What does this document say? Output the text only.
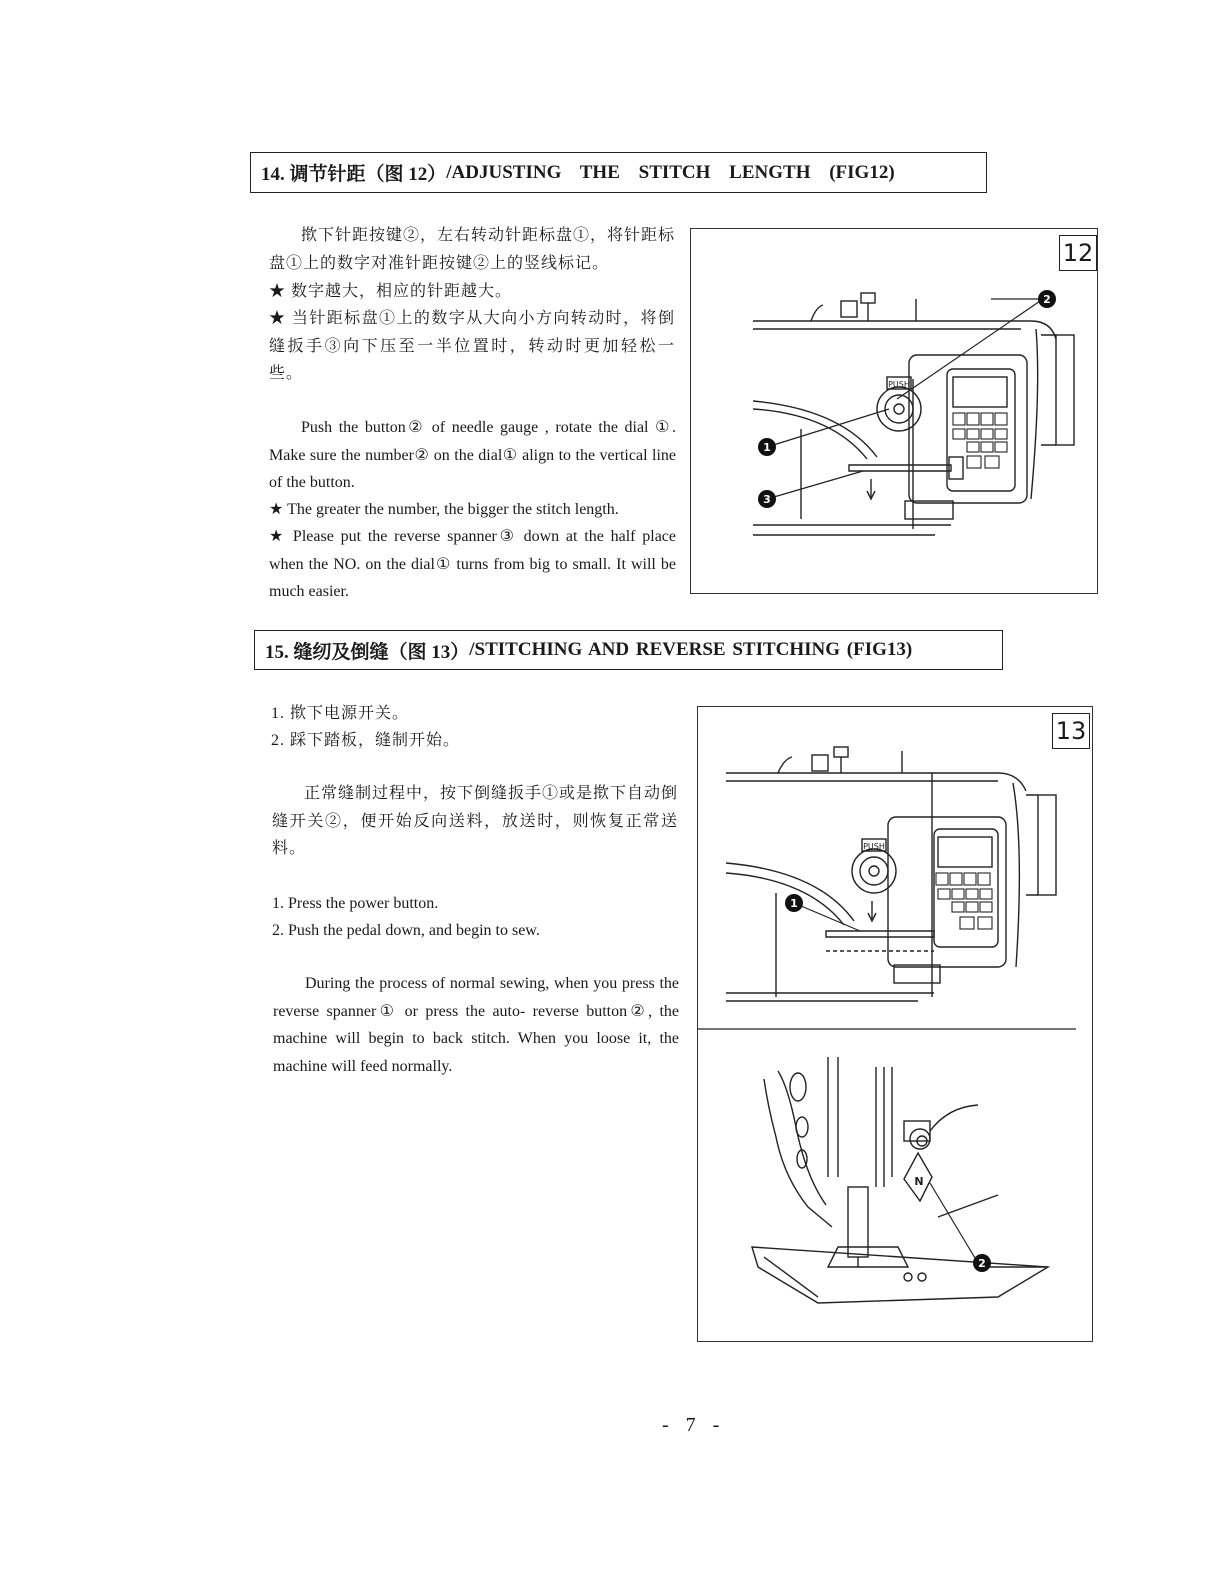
14. 调节针距（图 12） /ADJUSTING THE STITCH LENGTH (FIG12)
揿下针距按键②，左右转动针距标盘①，将针距标盘①上的数字对准针距按键②上的竖线标记。
★ 数字越大，相应的针距越大。
★ 当针距标盘①上的数字从大向小方向转动时，将倒缝扳手③向下压至一半位置时，转动时更加轻松一些。
Push the button② of needle gauge , rotate the dial ①. Make sure the number② on the dial① align to the vertical line of the button.
★ The greater the number, the bigger the stitch length.
★ Please put the reverse spanner③ down at the half place when the NO. on the dial① turns from big to small. It will be much easier.
1
2
3
PUSH
12
15. 缝纫及倒缝（图 13） /STITCHING AND REVERSE STITCHING (FIG13)
1. 揿下电源开关。
2. 踩下踏板，缝制开始。
正常缝制过程中，按下倒缝扳手①或是揿下自动倒缝开关②，便开始反向送料，放送时，则恢复正常送料。
1. Press the power button.
2. Push the pedal down, and begin to sew.
During the process of normal sewing, when you press the reverse spanner① or press the auto- reverse button②, the machine will begin to back stitch. When you loose it, the machine will feed normally.
1
2
PUSH
N
13
- 7 -
